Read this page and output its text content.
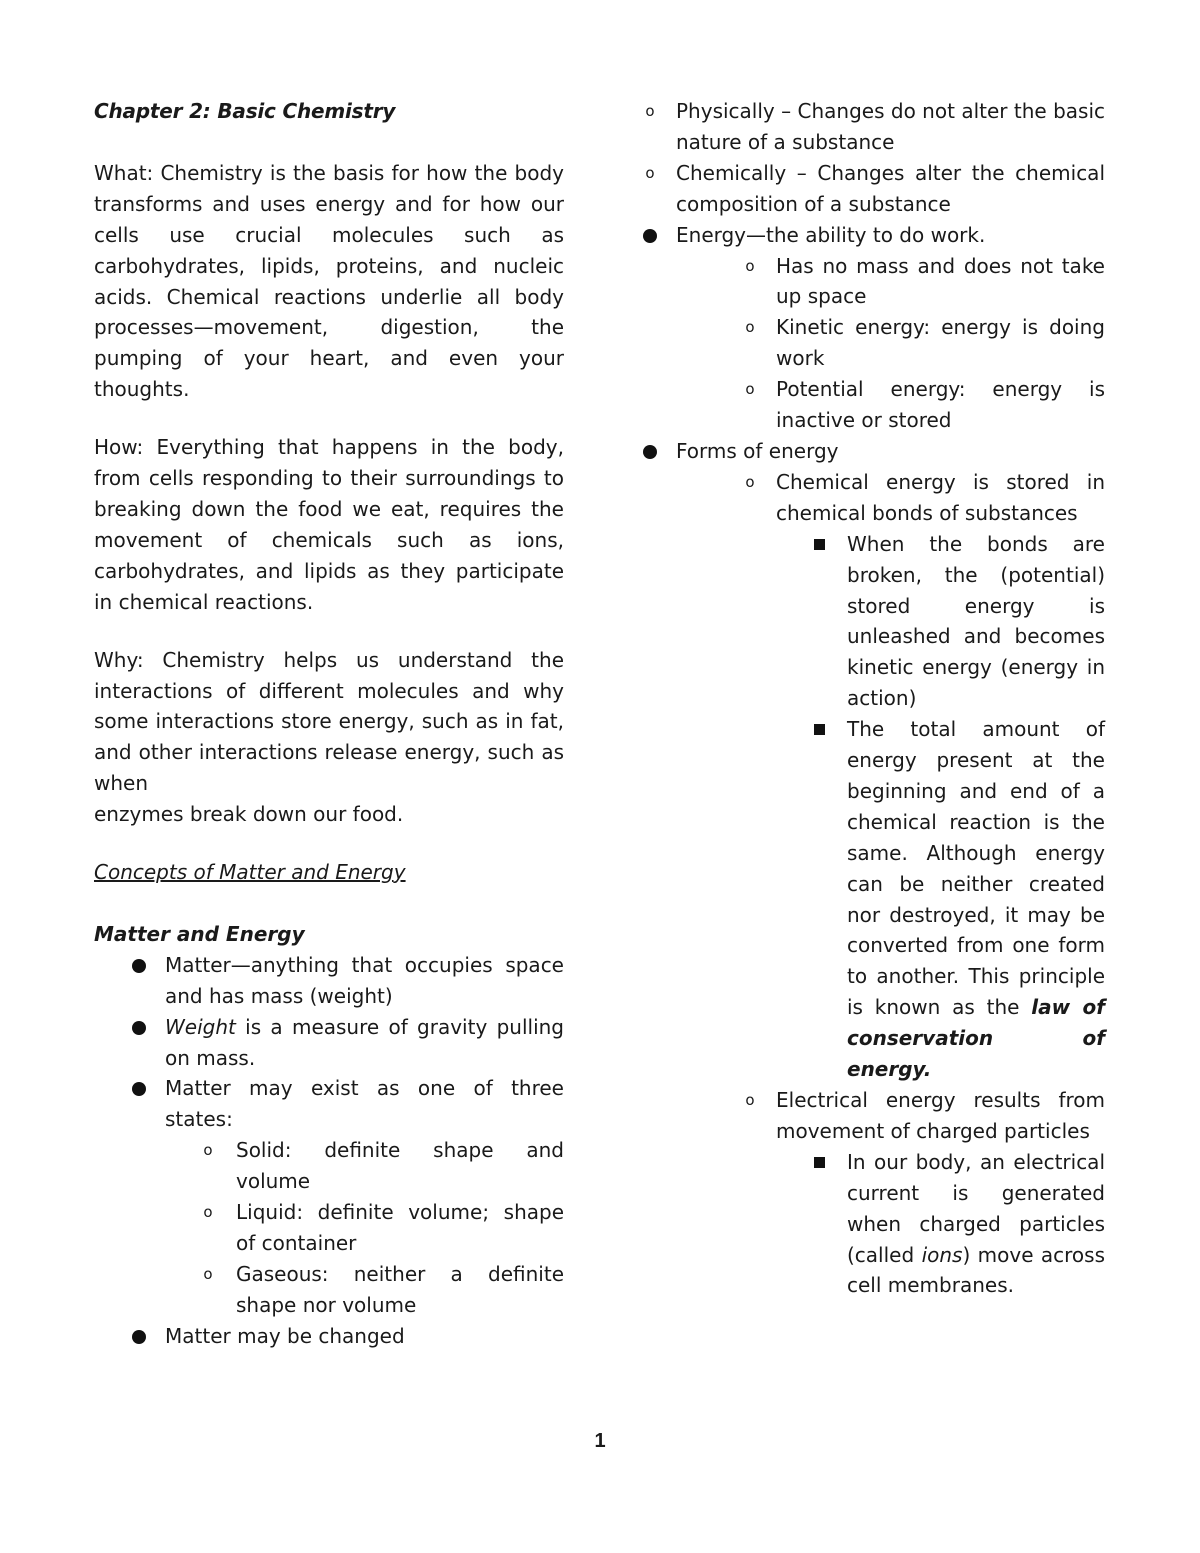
Chapter 2: Basic Chemistry

What: Chemistry is the basis for how the body transforms and uses energy and for how our cells use crucial molecules such as carbohydrates, lipids, proteins, and nucleic acids. Chemical reactions underlie all body processes—movement, digestion, the pumping of your heart, and even your thoughts.

How: Everything that happens in the body, from cells responding to their surroundings to breaking down the food we eat, requires the movement of chemicals such as ions, carbohydrates, and lipids as they participate in chemical reactions.

Why: Chemistry helps us understand the interactions of different molecules and why some interactions store energy, such as in fat, and other interactions release energy, such as when

enzymes break down our food.

Concepts of Matter and Energy

Matter and Energy

Matter—anything that occupies space and has mass (weight)
Weight is a measure of gravity pulling on mass.
Matter may exist as one of three states:
o Solid: definite shape and volume
o Liquid: definite volume; shape of container
o Gaseous: neither a definite shape nor volume
Matter may be changed
o Physically – Changes do not alter the basic nature of a substance
o Chemically – Changes alter the chemical composition of a substance
Energy—the ability to do work.
o Has no mass and does not take up space
o Kinetic energy: energy is doing work
o Potential energy: energy is inactive or stored
Forms of energy
o Chemical energy is stored in chemical bonds of substances
When the bonds are broken, the (potential) stored energy is unleashed and becomes kinetic energy (energy in action)
The total amount of energy present at the beginning and end of a chemical reaction is the same. Although energy can be neither created nor destroyed, it may be converted from one form to another. This principle is known as the law of conservation of energy.
o Electrical energy results from movement of charged particles
In our body, an electrical current is generated when charged particles (called ions) move across cell membranes.
1
